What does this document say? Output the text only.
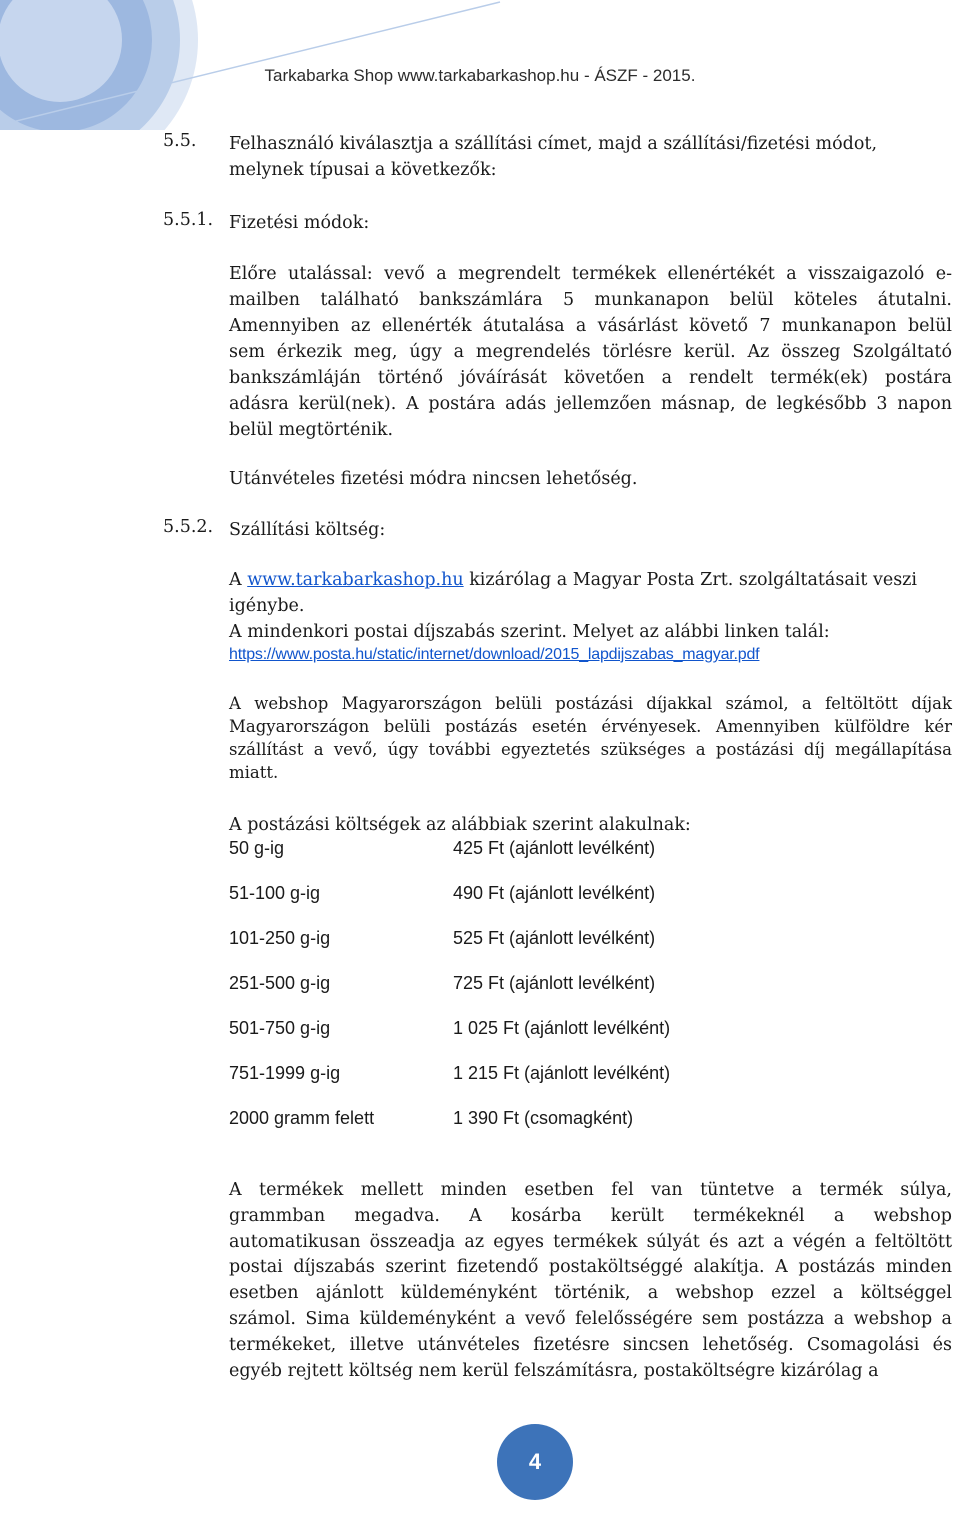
Tarkabarka Shop www.tarkabarkashop.hu - ÁSZF - 2015.
5.5. Felhasználó kiválasztja a szállítási címet, majd a szállítási/fizetési módot,
melynek típusai a következők:
5.5.1. Fizetési módok:
Előre utalással: vevő a megrendelt termékek ellenértékét a visszaigazoló e-
mailben található bankszámlára 5 munkanapon belül köteles átutalni.
Amennyiben az ellenérték átutalása a vásárlást követő 7 munkanapon belül
sem érkezik meg, úgy a megrendelés törlésre kerül. Az összeg Szolgáltató
bankszámláján történő jóváírását követően a rendelt termék(ek) postára
adásra kerül(nek). A postára adás jellemzően másnap, de legkésőbb 3 napon
belül megtörténik.
Utánvételes fizetési módra nincsen lehetőség.
5.5.2. Szállítási költség:
A www.tarkabarkashop.hu kizárólag a Magyar Posta Zrt. szolgáltatásait veszi
igénybe.
A mindenkori postai díjszabás szerint. Melyet az alábbi linken talál:
https://www.posta.hu/static/internet/download/2015_lapdijszabas_magyar.pdf
A webshop Magyarországon belüli postázási díjakkal számol, a feltöltött díjak
Magyarországon belüli postázás esetén érvényesek. Amennyiben külföldre kér
szállítást a vevő, úgy további egyeztetés szükséges a postázási díj megállapítása
miatt.
A postázási költségek az alábbiak szerint alakulnak:
50 g-ig	425 Ft (ajánlott levélként)
51-100 g-ig	490 Ft (ajánlott levélként)
101-250 g-ig	525 Ft (ajánlott levélként)
251-500 g-ig	725 Ft (ajánlott levélként)
501-750 g-ig	1 025 Ft (ajánlott levélként)
751-1999 g-ig	1 215 Ft (ajánlott levélként)
2000 gramm felett	1 390 Ft (csomagként)
A termékek mellett minden esetben fel van tüntetve a termék súlya,
grammban megadva. A kosárba került termékeknél a webshop
automatikusan összeadja az egyes termékek súlyát és azt a végén a feltöltött
postai díjszabás szerint fizetendő postaköltséggé alakítja. A postázás minden
esetben ajánlott küldeményként történik, a webshop ezzel a költséggel
számol. Sima küldeményként a vevő felelősségére sem postázza a webshop a
termékeket, illetve utánvételes fizetésre sincsen lehetőség. Csomagolási és
egyéb rejtett költség nem kerül felszámításra, postaköltségre kizárólag a
4
